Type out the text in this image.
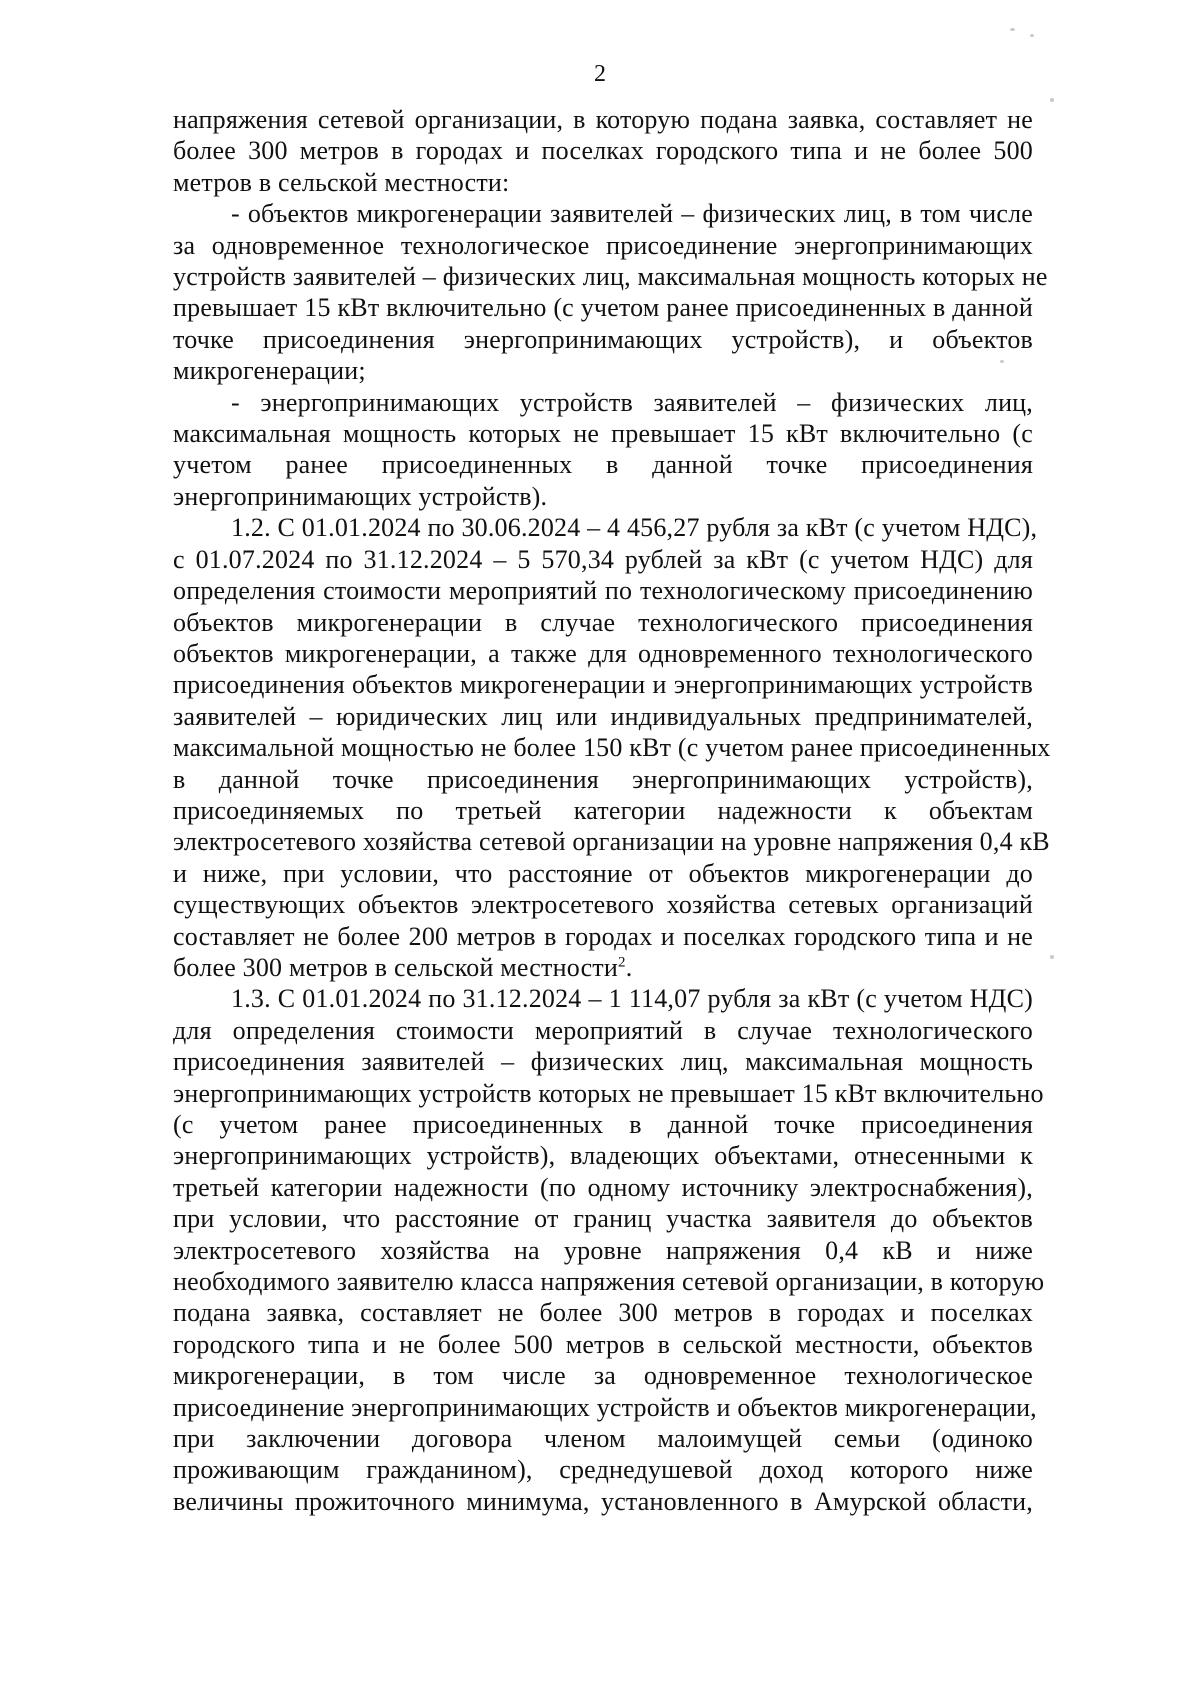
2
напряжения сетевой организации, в которую подана заявка, составляет не
более 300 метров в городах и поселках городского типа и не более 500
метров в сельской местности:
- объектов микрогенерации заявителей – физических лиц, в том числе
за одновременное технологическое присоединение энергопринимающих
устройств заявителей – физических лиц, максимальная мощность которых не
превышает 15 кВт включительно (с учетом ранее присоединенных в данной
точке присоединения энергопринимающих устройств), и объектов
микрогенерации;
- энергопринимающих устройств заявителей – физических лиц,
максимальная мощность которых не превышает 15 кВт включительно (с
учетом ранее присоединенных в данной точке присоединения
энергопринимающих устройств).
1.2. С 01.01.2024 по 30.06.2024 – 4 456,27 рубля за кВт (с учетом НДС),
с 01.07.2024 по 31.12.2024 – 5 570,34 рублей за кВт (с учетом НДС) для
определения стоимости мероприятий по технологическому присоединению
объектов микрогенерации в случае технологического присоединения
объектов микрогенерации, а также для одновременного технологического
присоединения объектов микрогенерации и энергопринимающих устройств
заявителей – юридических лиц или индивидуальных предпринимателей,
максимальной мощностью не более 150 кВт (с учетом ранее присоединенных
в данной точке присоединения энергопринимающих устройств),
присоединяемых по третьей категории надежности к объектам
электросетевого хозяйства сетевой организации на уровне напряжения 0,4 кВ
и ниже, при условии, что расстояние от объектов микрогенерации до
существующих объектов электросетевого хозяйства сетевых организаций
составляет не более 200 метров в городах и поселках городского типа и не
более 300 метров в сельской местности$^2$.
1.3. С 01.01.2024 по 31.12.2024 – 1 114,07 рубля за кВт (с учетом НДС)
для определения стоимости мероприятий в случае технологического
присоединения заявителей – физических лиц, максимальная мощность
энергопринимающих устройств которых не превышает 15 кВт включительно
(с учетом ранее присоединенных в данной точке присоединения
энергопринимающих устройств), владеющих объектами, отнесенными к
третьей категории надежности (по одному источнику электроснабжения),
при условии, что расстояние от границ участка заявителя до объектов
электросетевого хозяйства на уровне напряжения 0,4 кВ и ниже
необходимого заявителю класса напряжения сетевой организации, в которую
подана заявка, составляет не более 300 метров в городах и поселках
городского типа и не более 500 метров в сельской местности, объектов
микрогенерации, в том числе за одновременное технологическое
присоединение энергопринимающих устройств и объектов микрогенерации,
при заключении договора членом малоимущей семьи (одиноко
проживающим гражданином), среднедушевой доход которого ниже
величины прожиточного минимума, установленного в Амурской области,
